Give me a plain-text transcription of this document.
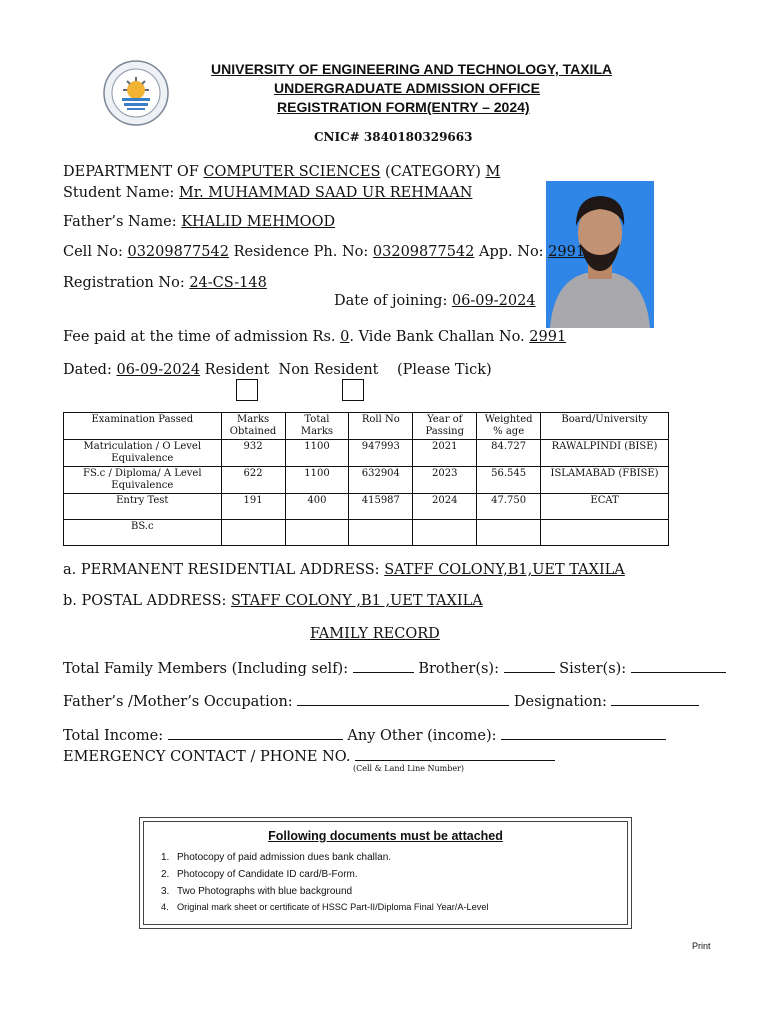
UNIVERSITY OF ENGINEERING AND TECHNOLOGY, TAXILA
UNDERGRADUATE ADMISSION OFFICE
REGISTRATION FORM(ENTRY – 2024)
CNIC# 3840180329663
DEPARTMENT OF COMPUTER SCIENCES (CATEGORY) M
Student Name: Mr. MUHAMMAD SAAD UR REHMAAN
Father’s Name: KHALID MEHMOOD
Cell No: 03209877542 Residence Ph. No: 03209877542 App. No: 2991
Registration No: 24-CS-148
Date of joining: 06-09-2024
Fee paid at the time of admission Rs. 0. Vide Bank Challan No. 2991
Dated: 06-09-2024 Resident Non Resident (Please Tick)
Examination Passed	Marks Obtained	Total Marks	Roll No	Year of Passing	Weighted % age	Board/University
Matriculation / O Level Equivalence	932	1100	947993	2021	84.727	RAWALPINDI (BISE)
FS.c / Diploma/ A Level Equivalence	622	1100	632904	2023	56.545	ISLAMABAD (FBISE)
Entry Test	191	400	415987	2024	47.750	ECAT
BS.c						
a. PERMANENT RESIDENTIAL ADDRESS: SATFF COLONY,B1,UET TAXILA
b. POSTAL ADDRESS: STAFF COLONY ,B1 ,UET TAXILA
FAMILY RECORD
Total Family Members (Including self):	Brother(s):	Sister(s):
Father’s /Mother’s Occupation:	Designation:
Total Income:	Any Other (income):
EMERGENCY CONTACT / PHONE NO.
(Cell & Land Line Number)
Following documents must be attached
1. Photocopy of paid admission dues bank challan.
2. Photocopy of Candidate ID card/B-Form.
3. Two Photographs with blue background
4. Original mark sheet or certificate of HSSC Part-II/Diploma Final Year/A-Level
Print
